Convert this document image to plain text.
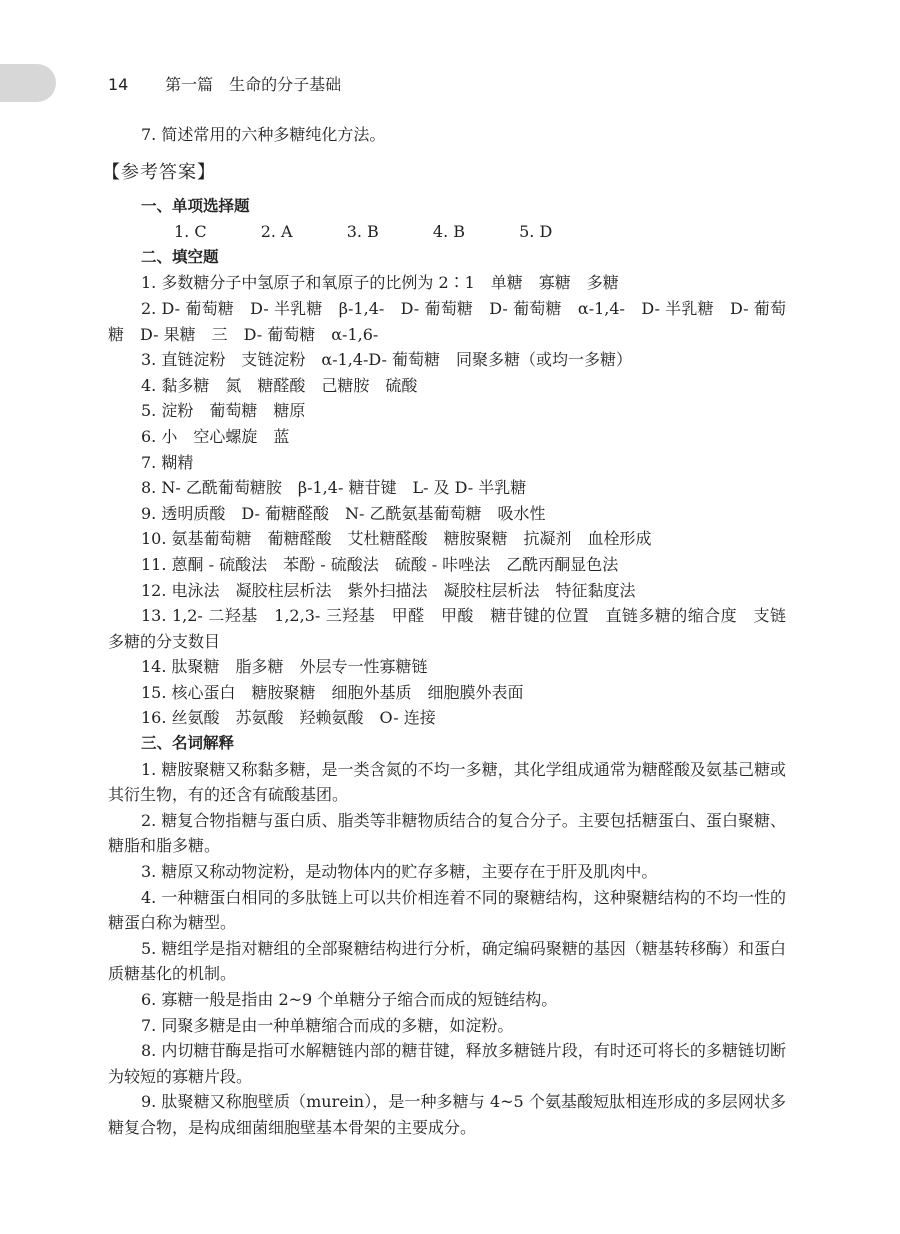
14 第一篇　生命的分子基础

7. 简述常用的六种多糖纯化方法。

【参考答案】

一、单项选择题

1. C	2. A	3. B	4. B	5. D

二、填空题

1. 多数糖分子中氢原子和氧原子的比例为 2∶1　单糖　寡糖　多糖

2. D- 葡萄糖　D- 半乳糖　β-1,4-　D- 葡萄糖　D- 葡萄糖　α-1,4-　D- 半乳糖　D- 葡萄糖　D- 果糖　三　D- 葡萄糖　α-1,6-

3. 直链淀粉　支链淀粉　α-1,4-D- 葡萄糖　同聚多糖（或均一多糖）

4. 黏多糖　氮　糖醛酸　己糖胺　硫酸

5. 淀粉　葡萄糖　糖原

6. 小　空心螺旋　蓝

7. 糊精

8. N- 乙酰葡萄糖胺　β-1,4- 糖苷键　L- 及 D- 半乳糖

9. 透明质酸　D- 葡糖醛酸　N- 乙酰氨基葡萄糖　吸水性

10. 氨基葡萄糖　葡糖醛酸　艾杜糖醛酸　糖胺聚糖　抗凝剂　血栓形成

11. 蒽酮 - 硫酸法　苯酚 - 硫酸法　硫酸 - 咔唑法　乙酰丙酮显色法

12. 电泳法　凝胶柱层析法　紫外扫描法　凝胶柱层析法　特征黏度法

13. 1,2- 二羟基　1,2,3- 三羟基　甲醛　甲酸　糖苷键的位置　直链多糖的缩合度　支链多糖的分支数目

14. 肽聚糖　脂多糖　外层专一性寡糖链

15. 核心蛋白　糖胺聚糖　细胞外基质　细胞膜外表面

16. 丝氨酸　苏氨酸　羟赖氨酸　O- 连接

三、名词解释

1. 糖胺聚糖又称黏多糖，是一类含氮的不均一多糖，其化学组成通常为糖醛酸及氨基己糖或其衍生物，有的还含有硫酸基团。

2. 糖复合物指糖与蛋白质、脂类等非糖物质结合的复合分子。主要包括糖蛋白、蛋白聚糖、糖脂和脂多糖。

3. 糖原又称动物淀粉，是动物体内的贮存多糖，主要存在于肝及肌肉中。

4. 一种糖蛋白相同的多肽链上可以共价相连着不同的聚糖结构，这种聚糖结构的不均一性的糖蛋白称为糖型。

5. 糖组学是指对糖组的全部聚糖结构进行分析，确定编码聚糖的基因（糖基转移酶）和蛋白质糖基化的机制。

6. 寡糖一般是指由 2~9 个单糖分子缩合而成的短链结构。

7. 同聚多糖是由一种单糖缩合而成的多糖，如淀粉。

8. 内切糖苷酶是指可水解糖链内部的糖苷键，释放多糖链片段，有时还可将长的多糖链切断为较短的寡糖片段。

9. 肽聚糖又称胞壁质（murein），是一种多糖与 4~5 个氨基酸短肽相连形成的多层网状多糖复合物，是构成细菌细胞壁基本骨架的主要成分。
